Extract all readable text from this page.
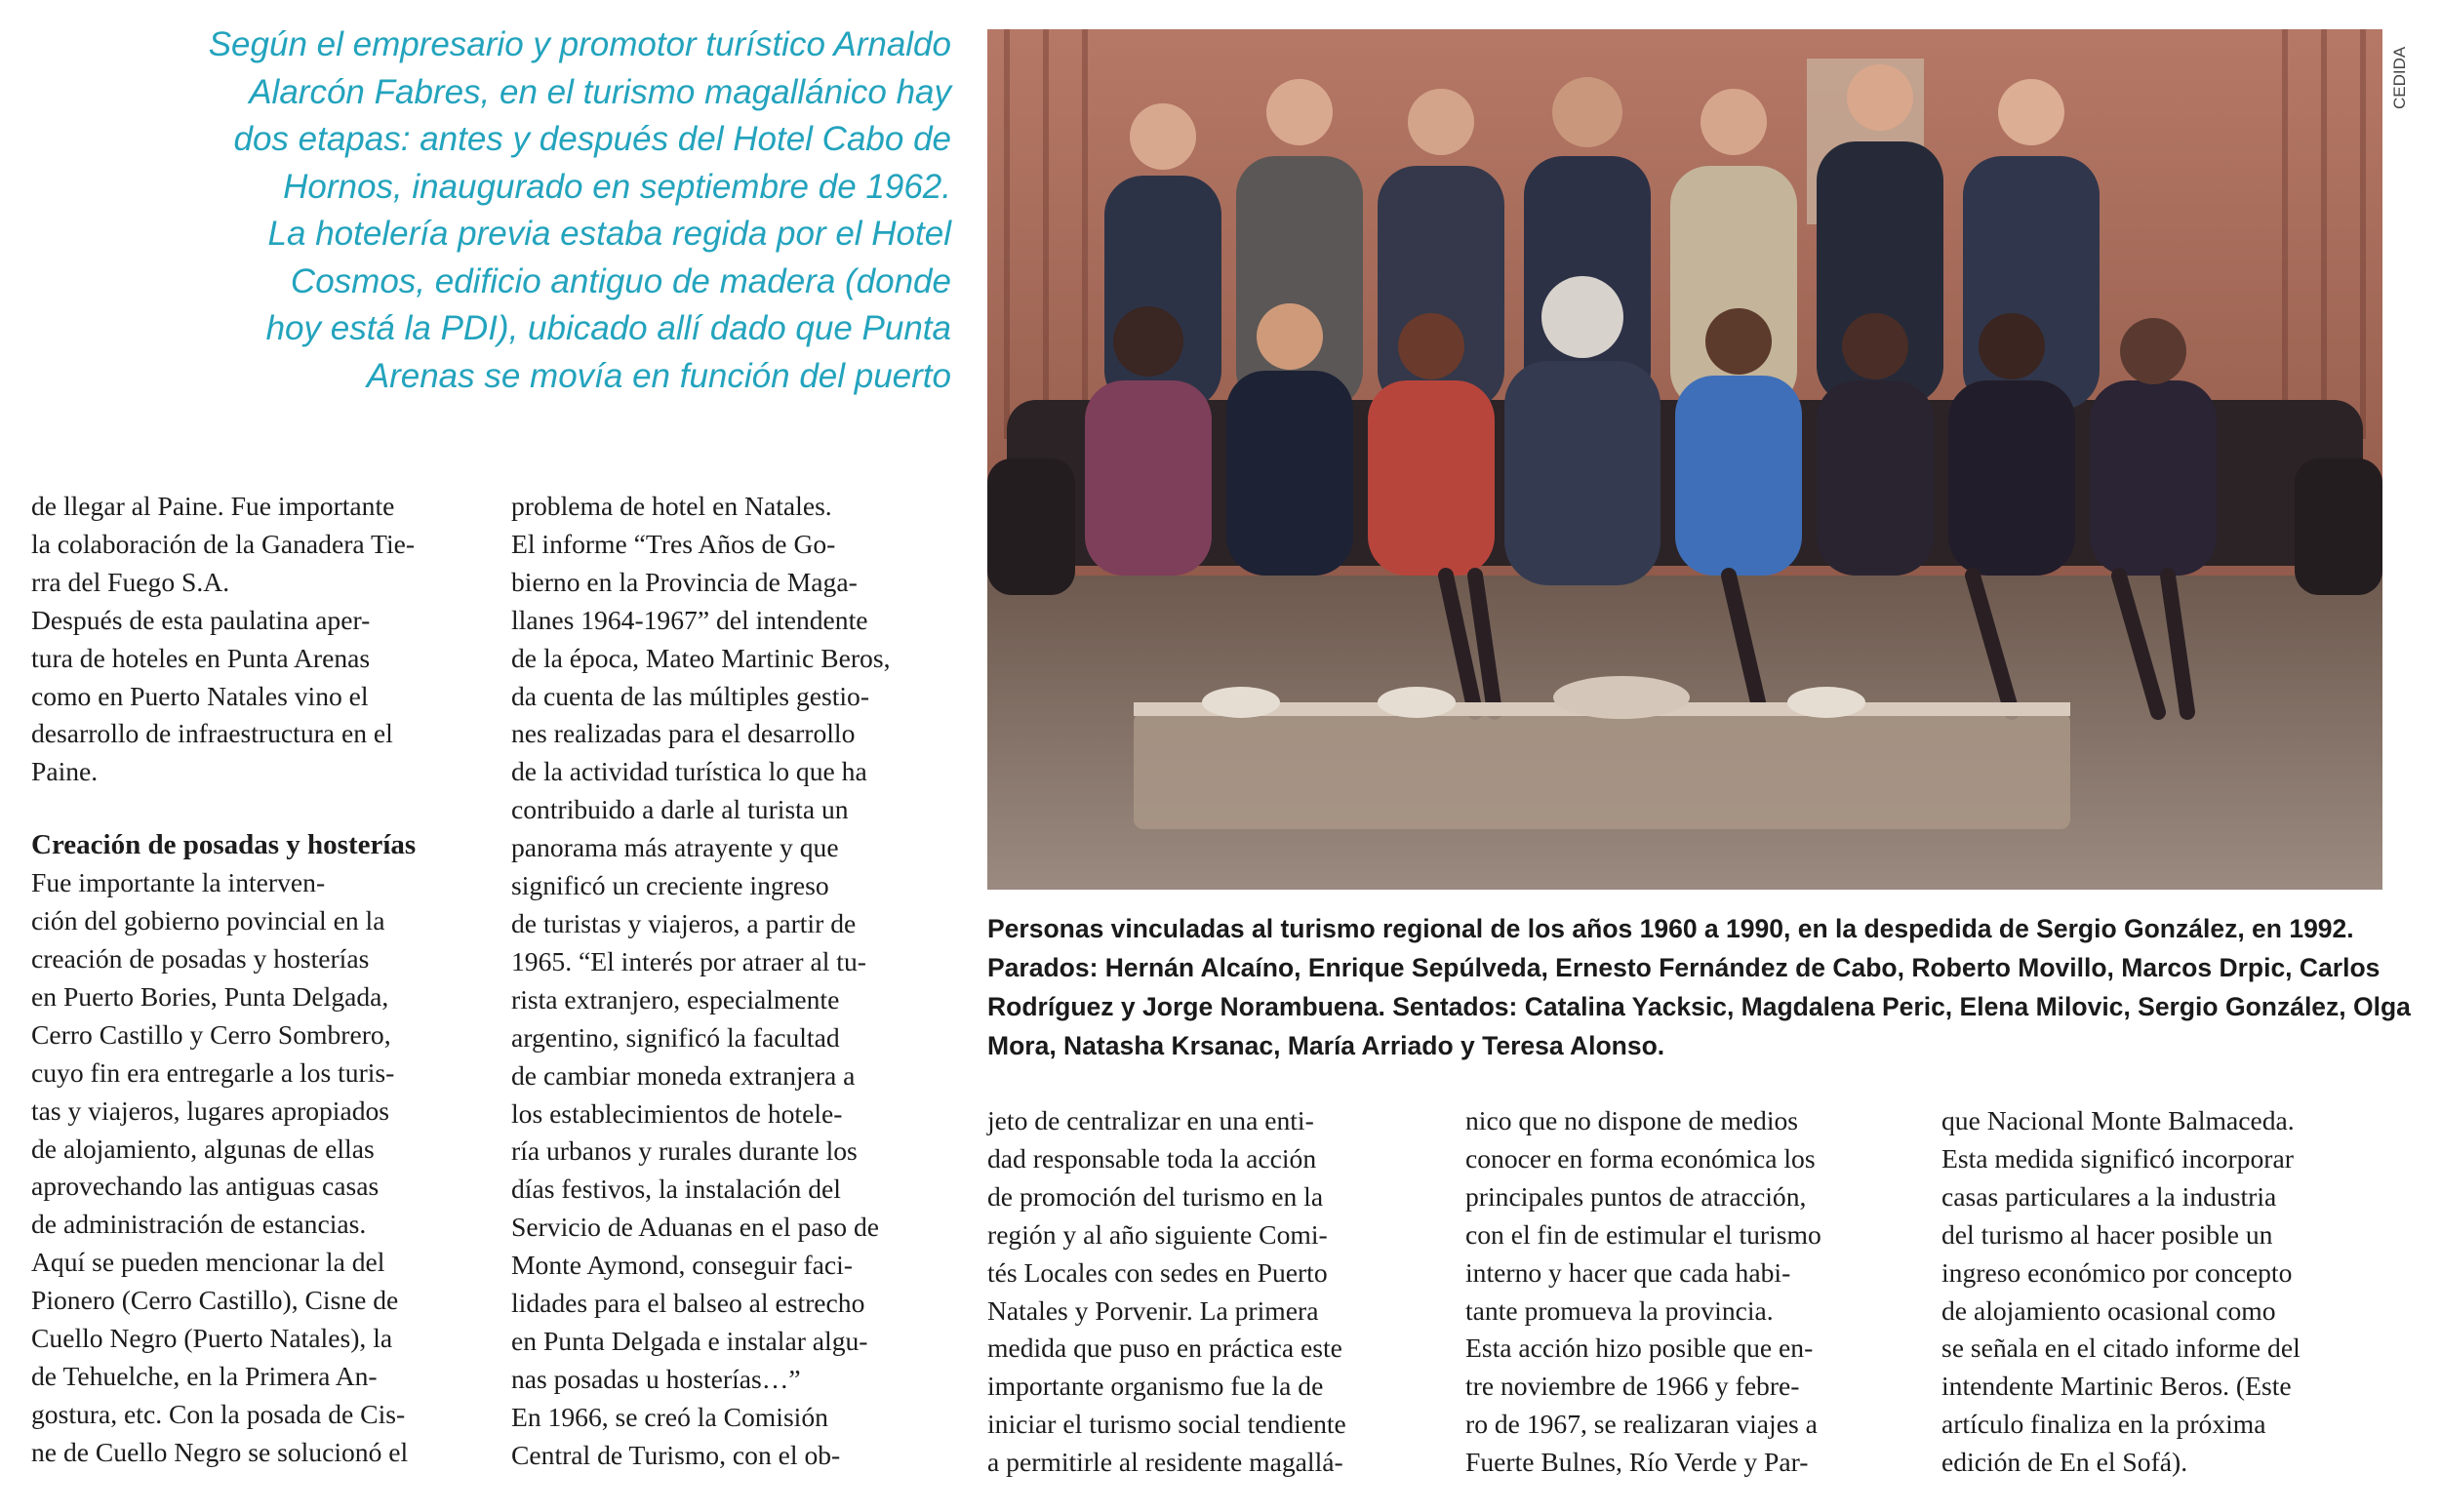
Según el empresario y promotor turístico Arnaldo
Alarcón Fabres, en el turismo magallánico hay
dos etapas: antes y después del Hotel Cabo de
Hornos, inaugurado en septiembre de 1962.
La hotelería previa estaba regida por el Hotel
Cosmos, edificio antiguo de madera (donde
hoy está la PDI), ubicado allí dado que Punta
Arenas se movía en función del puerto
CEDIDA
Personas vinculadas al turismo regional de los años 1960 a 1990, en la despedida de Sergio González, en 1992.
Parados: Hernán Alcaíno, Enrique Sepúlveda, Ernesto Fernández de Cabo, Roberto Movillo, Marcos Drpic, Carlos
Rodríguez y Jorge Norambuena. Sentados: Catalina Yacksic, Magdalena Peric, Elena Milovic, Sergio González, Olga
Mora, Natasha Krsanac, María Arriado y Teresa Alonso.

de llegar al Paine. Fue importante
la colaboración de la Ganadera Tie-
rra del Fuego S.A.

Después de esta paulatina aper-
tura de hoteles en Punta Arenas
como en Puerto Natales vino el
desarrollo de infraestructura en el
Paine.

Creación de posadas y hosterías

Fue importante la interven-
ción del gobierno povincial en la
creación de posadas y hosterías
en Puerto Bories, Punta Delgada,
Cerro Castillo y Cerro Sombrero,
cuyo fin era entregarle a los turis-
tas y viajeros, lugares apropiados
de alojamiento, algunas de ellas
aprovechando las antiguas casas
de administración de estancias.
Aquí se pueden mencionar la del
Pionero (Cerro Castillo), Cisne de
Cuello Negro (Puerto Natales), la
de Tehuelche, en la Primera An-
gostura, etc. Con la posada de Cis-
ne de Cuello Negro se solucionó el

problema de hotel en Natales.

El informe “Tres Años de Go-
bierno en la Provincia de Maga-
llanes 1964-1967” del intendente
de la época, Mateo Martinic Beros,
da cuenta de las múltiples gestio-
nes realizadas para el desarrollo
de la actividad turística lo que ha
contribuido a darle al turista un
panorama más atrayente y que
significó un creciente ingreso
de turistas y viajeros, a partir de
1965. “El interés por atraer al tu-
rista extranjero, especialmente
argentino, significó la facultad
de cambiar moneda extranjera a
los establecimientos de hotele-
ría urbanos y rurales durante los
días festivos, la instalación del
Servicio de Aduanas en el paso de
Monte Aymond, conseguir faci-
lidades para el balseo al estrecho
en Punta Delgada e instalar algu-
nas posadas u hosterías…”

En 1966, se creó la Comisión
Central de Turismo, con el ob-

jeto de centralizar en una enti-
dad responsable toda la acción
de promoción del turismo en la
región y al año siguiente Comi-
tés Locales con sedes en Puerto
Natales y Porvenir. La primera
medida que puso en práctica este
importante organismo fue la de
iniciar el turismo social tendiente
a permitirle al residente magallá-
nico que no dispone de medios
conocer en forma económica los
principales puntos de atracción,
con el fin de estimular el turismo
interno y hacer que cada habi-
tante promueva la provincia.
Esta acción hizo posible que en-
tre noviembre de 1966 y febre-
ro de 1967, se realizaran viajes a
Fuerte Bulnes, Río Verde y Par-
que Nacional Monte Balmaceda.
Esta medida significó incorporar
casas particulares a la industria
del turismo al hacer posible un
ingreso económico por concepto
de alojamiento ocasional como
se señala en el citado informe del
intendente Martinic Beros. (Este
artículo finaliza en la próxima
edición de En el Sofá).
